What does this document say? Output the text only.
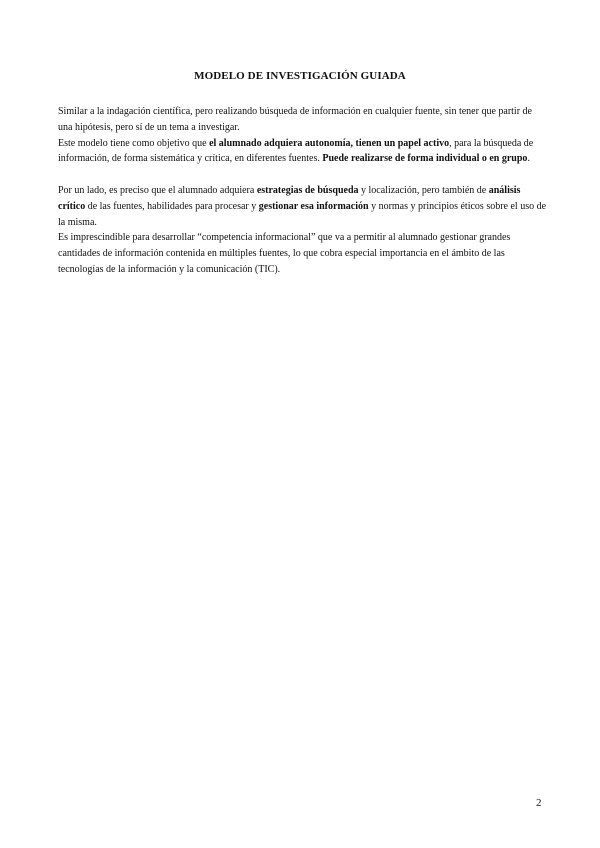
MODELO DE INVESTIGACIÓN GUIADA

Similar a la indagación científica, pero realizando búsqueda de información en cualquier fuente, sin tener que partir de una hipótesis, pero sí de un tema a investigar.

Este modelo tiene como objetivo que el alumnado adquiera autonomía, tienen un papel activo, para la búsqueda de información, de forma sistemática y crítica, en diferentes fuentes. Puede realizarse de forma individual o en grupo.

Por un lado, es preciso que el alumnado adquiera estrategias de búsqueda y localización, pero también de análisis crítico de las fuentes, habilidades para procesar y gestionar esa información y normas y principios éticos sobre el uso de la misma.

Es imprescindible para desarrollar “competencia informacional” que va a permitir al alumnado gestionar grandes cantidades de información contenida en múltiples fuentes, lo que cobra especial importancia en el ámbito de las tecnologías de la información y la comunicación (TIC).

2
